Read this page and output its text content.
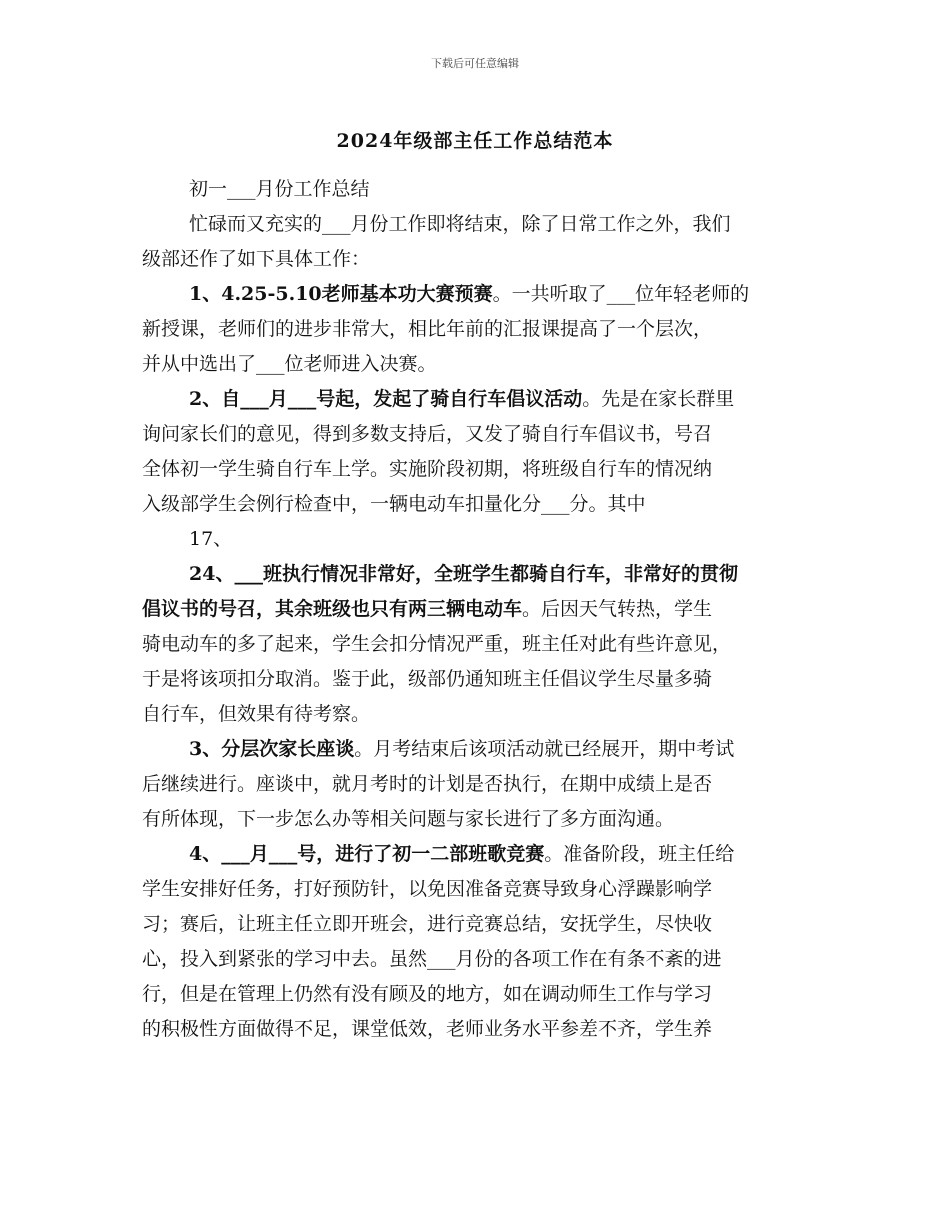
下载后可任意编辑
2024年级部主任工作总结范本
初一___月份工作总结
忙碌而又充实的___月份工作即将结束，除了日常工作之外，我们
级部还作了如下具体工作：
1、4.25-5.10老师基本功大赛预赛。一共听取了___位年轻老师的
新授课，老师们的进步非常大，相比年前的汇报课提高了一个层次，
并从中选出了___位老师进入决赛。
2、自___月___号起，发起了骑自行车倡议活动。先是在家长群里
询问家长们的意见，得到多数支持后，又发了骑自行车倡议书，号召
全体初一学生骑自行车上学。实施阶段初期，将班级自行车的情况纳
入级部学生会例行检查中，一辆电动车扣量化分___分。其中
17、
24、___班执行情况非常好，全班学生都骑自行车，非常好的贯彻
倡议书的号召，其余班级也只有两三辆电动车。后因天气转热，学生
骑电动车的多了起来，学生会扣分情况严重，班主任对此有些许意见，
于是将该项扣分取消。鉴于此，级部仍通知班主任倡议学生尽量多骑
自行车，但效果有待考察。
3、分层次家长座谈。月考结束后该项活动就已经展开，期中考试
后继续进行。座谈中，就月考时的计划是否执行，在期中成绩上是否
有所体现，下一步怎么办等相关问题与家长进行了多方面沟通。
4、___月___号，进行了初一二部班歌竞赛。准备阶段，班主任给
学生安排好任务，打好预防针，以免因准备竞赛导致身心浮躁影响学
习；赛后，让班主任立即开班会，进行竞赛总结，安抚学生，尽快收
心，投入到紧张的学习中去。虽然___月份的各项工作在有条不紊的进
行，但是在管理上仍然有没有顾及的地方，如在调动师生工作与学习
的积极性方面做得不足，课堂低效，老师业务水平参差不齐，学生养
